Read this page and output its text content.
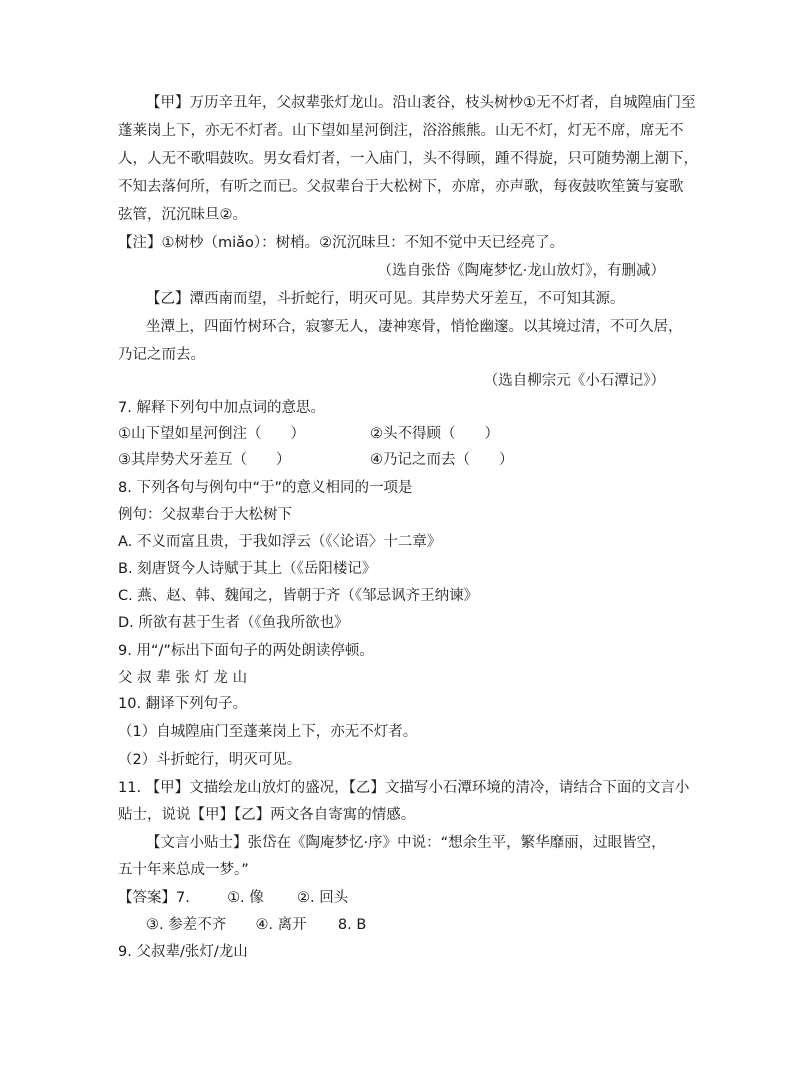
【甲】万历辛丑年，父叔辈张灯龙山。沿山袤谷，枝头树杪①无不灯者，自城隍庙门至
蓬莱岗上下，亦无不灯者。山下望如星河倒注，浴浴熊熊。山无不灯，灯无不席，席无不
人，人无不歌唱鼓吹。男女看灯者，一入庙门，头不得顾，踵不得旋，只可随势潮上潮下，
不知去落何所，有听之而已。父叔辈台于大松树下，亦席，亦声歌，每夜鼓吹笙簧与宴歌
弦管，沉沉昧旦②。
【注】①树杪（miǎo）：树梢。②沉沉昧旦：不知不觉中天已经亮了。
（选自张岱《陶庵梦忆·龙山放灯》，有删减）
【乙】潭西南而望，斗折蛇行，明灭可见。其岸势犬牙差互，不可知其源。
坐潭上，四面竹树环合，寂寥无人，凄神寒骨，悄怆幽邃。以其境过清，不可久居，
乃记之而去。
（选自柳宗元《小石潭记》）
7. 解释下列句中加点词的意思。
①山下望如星河倒注（　　）	②头不得顾（　　）
③其岸势犬牙差互（　　）	④乃记之而去（　　）
8. 下列各句与例句中“于”的意义相同的一项是
例句：父叔辈台于大松树下
A. 不义而富且贵，于我如浮云（《〈论语〉十二章》
B. 刻唐贤今人诗赋于其上（《岳阳楼记》
C. 燕、赵、韩、魏闻之，皆朝于齐（《邹忌讽齐王纳谏》
D. 所欲有甚于生者（《鱼我所欲也》
9. 用“/”标出下面句子的两处朗读停顿。
父 叔 辈 张 灯 龙 山
10. 翻译下列句子。
（1）自城隍庙门至蓬莱岗上下，亦无不灯者。
（2）斗折蛇行，明灭可见。
11. 【甲】文描绘龙山放灯的盛况，【乙】文描写小石潭环境的清冷，请结合下面的文言小
贴士，说说【甲】【乙】两文各自寄寓的情感。
【文言小贴士】张岱在《陶庵梦忆·序》中说：“想余生平，繁华靡丽，过眼皆空，
五十年来总成一梦。”
【答案】7.	①. 像 ②. 回头
③. 参差不齐 ④. 离开 8. B
9. 父叔辈/张灯/龙山
